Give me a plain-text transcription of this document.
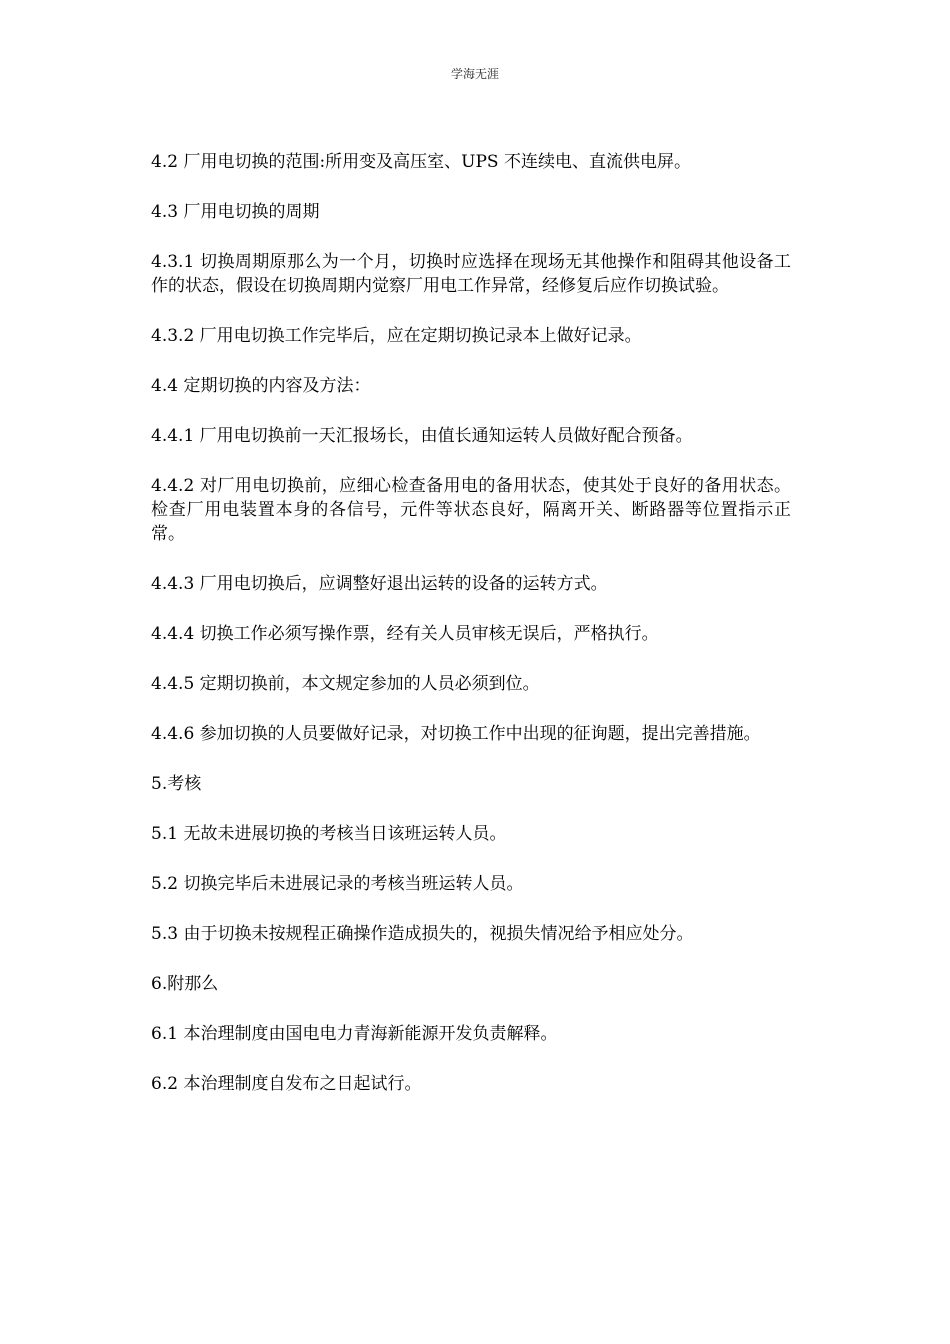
学海无涯

4.2 厂用电切换的范围:所用变及高压室、UPS 不连续电、直流供电屏。

4.3 厂用电切换的周期

4.3.1 切换周期原那么为一个月，切换时应选择在现场无其他操作和阻碍其他设备工作的状态，假设在切换周期内觉察厂用电工作异常，经修复后应作切换试验。

4.3.2 厂用电切换工作完毕后，应在定期切换记录本上做好记录。

4.4 定期切换的内容及方法：

4.4.1 厂用电切换前一天汇报场长，由值长通知运转人员做好配合预备。

4.4.2 对厂用电切换前，应细心检查备用电的备用状态，使其处于良好的备用状态。检查厂用电装置本身的各信号，元件等状态良好，隔离开关、断路器等位置指示正常。

4.4.3 厂用电切换后，应调整好退出运转的设备的运转方式。

4.4.4 切换工作必须写操作票，经有关人员审核无误后，严格执行。

4.4.5 定期切换前，本文规定参加的人员必须到位。

4.4.6 参加切换的人员要做好记录，对切换工作中出现的征询题，提出完善措施。

5.考核

5.1 无故未进展切换的考核当日该班运转人员。

5.2 切换完毕后未进展记录的考核当班运转人员。

5.3 由于切换未按规程正确操作造成损失的，视损失情况给予相应处分。

6.附那么

6.1 本治理制度由国电电力青海新能源开发负责解释。

6.2 本治理制度自发布之日起试行。
